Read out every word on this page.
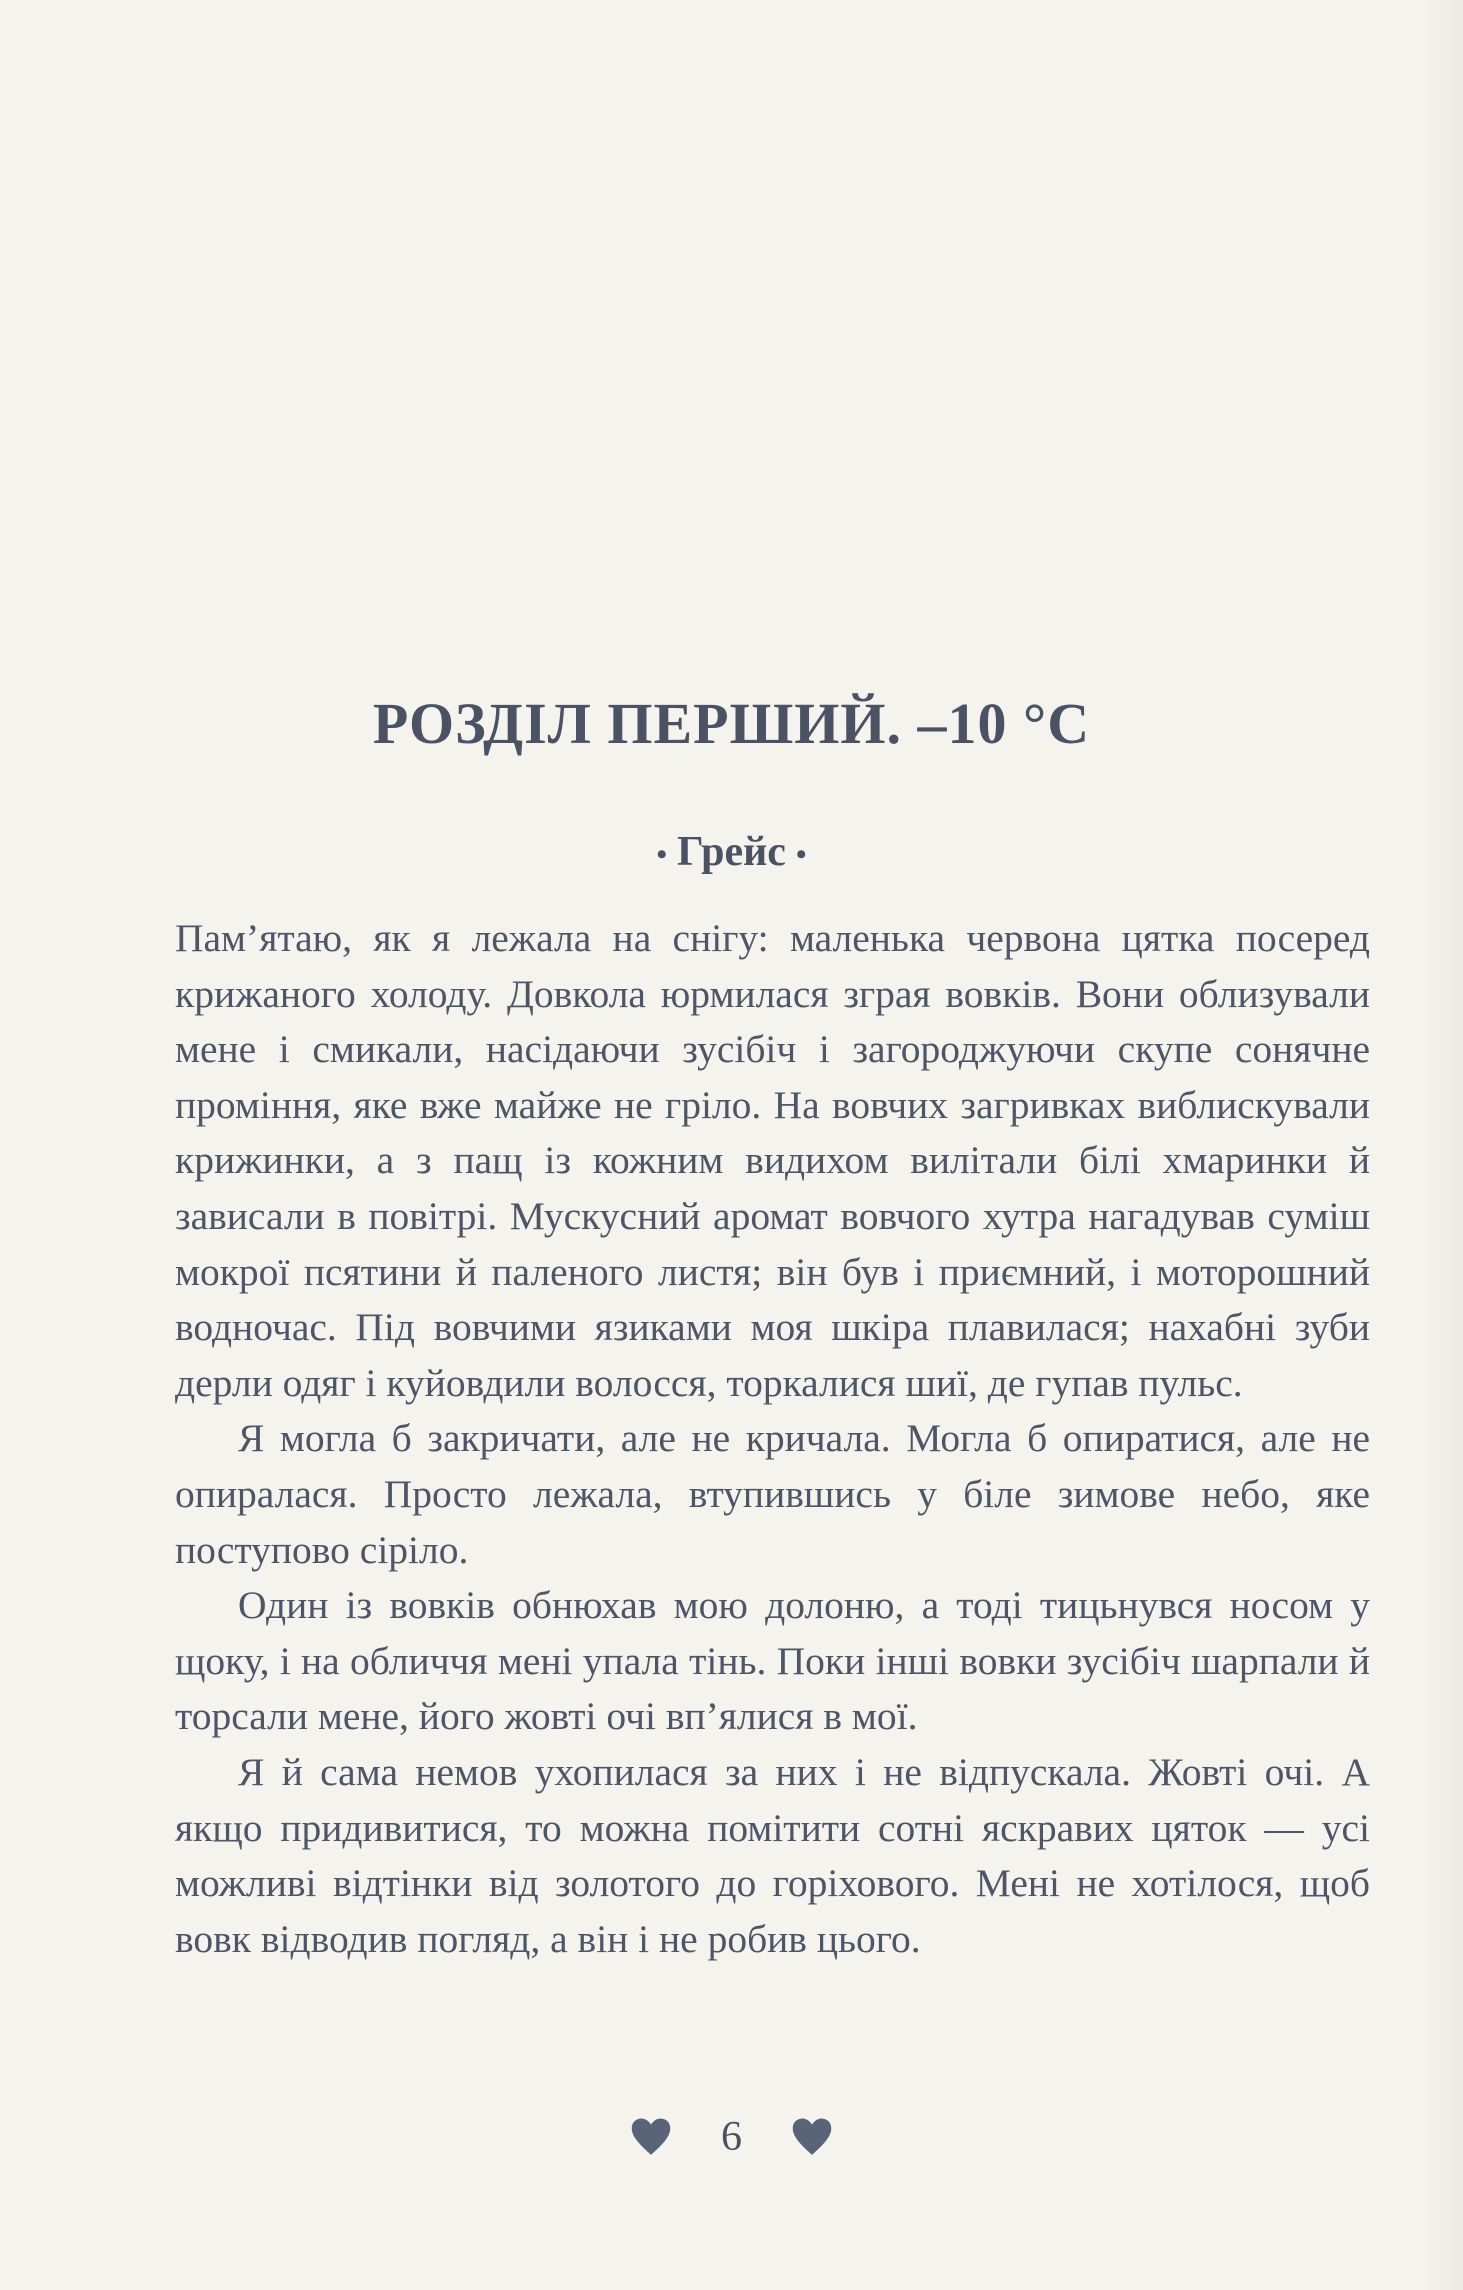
РОЗДІЛ ПЕРШИЙ. –10 °C
• Грейс •

Пам’ятаю, як я лежала на снігу: маленька червона цятка посеред крижаного холоду. Довкола юрмилася зграя вовків. Вони облизували мене і смикали, насідаючи зусібіч і загороджуючи скупе сонячне проміння, яке вже майже не гріло. На вовчих загривках виблискували крижинки, а з пащ із кожним видихом вилітали білі хмаринки й зависали в повітрі. Мускусний аромат вовчого хутра нагадував суміш мокрої псятини й паленого листя; він був і приємний, і моторошний водночас. Під вовчими язиками моя шкіра плавилася; нахабні зуби дерли одяг і куйовдили волосся, торкалися шиї, де гупав пульс.

Я могла б закричати, але не кричала. Могла б опиратися, але не опиралася. Просто лежала, втупившись у біле зимове небо, яке поступово сіріло.

Один із вовків обнюхав мою долоню, а тоді тицьнувся носом у щоку, і на обличчя мені упала тінь. Поки інші вовки зусібіч шарпали й торсали мене, його жовті очі вп’ялися в мої.

Я й сама немов ухопилася за них і не відпускала. Жовті очі. А якщо придивитися, то можна помітити сотні яскравих цяток — усі можливі відтінки від золотого до горіхового. Мені не хотілося, щоб вовк відводив погляд, а він і не робив цього.

6
